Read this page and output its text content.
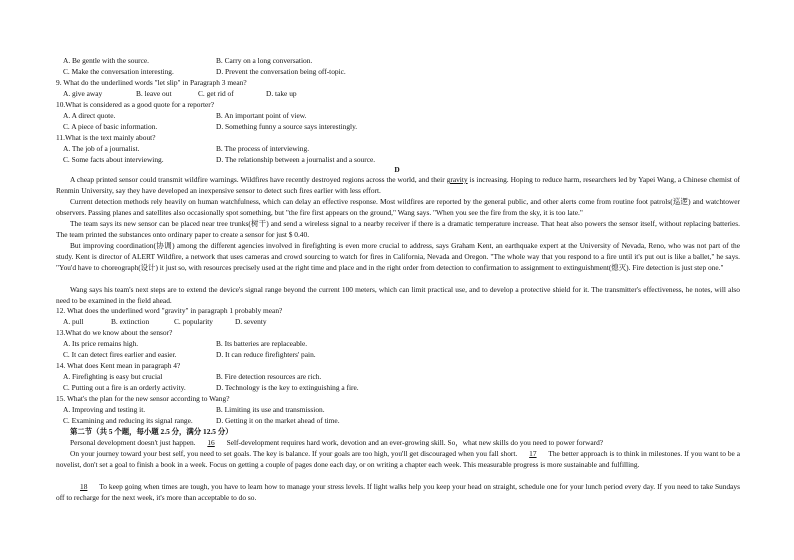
A. Be gentle with the source.	B. Carry on a long conversation.
C. Make the conversation interesting.	D. Prevent the conversation being off-topic.
9. What do the underlined words "let slip" in Paragraph 3 mean?
A. give away	B. leave out	C. get rid of	D. take up
10.What is considered as a good quote for a reporter?
A. A direct quote.	B. An important point of view.
C. A piece of basic information.	D. Something funny a source says interestingly.
11.What is the text mainly about?
A. The job of a journalist.	B. The process of interviewing.
C. Some facts about interviewing.	D. The relationship between a journalist and a source.
D
A cheap printed sensor could transmit wildfire warnings. Wildfires have recently destroyed regions across the world, and their gravity is increasing. Hoping to reduce harm, researchers led by Yapei Wang, a Chinese chemist of Renmin University, say they have developed an inexpensive sensor to detect such fires earlier with less effort.
Current detection methods rely heavily on human watchfulness, which can delay an effective response. Most wildfires are reported by the general public, and other alerts come from routine foot patrols(巡逻) and watchtower observers. Passing planes and satellites also occasionally spot something, but "the fire first appears on the ground," Wang says. "When you see the fire from the sky, it is too late."
The team says its new sensor can be placed near tree trunks(树干) and send a wireless signal to a nearby receiver if there is a dramatic temperature increase. That heat also powers the sensor itself, without replacing batteries. The team printed the substances onto ordinary paper to create a sensor for just $ 0.40.
But improving coordination(协调) among the different agencies involved in firefighting is even more crucial to address, says Graham Kent, an earthquake expert at the University of Nevada, Reno, who was not part of the study. Kent is director of ALERT Wildfire, a network that uses cameras and crowd sourcing to watch for fires in California, Nevada and Oregon. "The whole way that you respond to a fire until it's put out is like a ballet," he says. "You'd have to choreograph(设计) it just so, with resources precisely used at the right time and place and in the right order from detection to confirmation to assignment to extinguishment(熄灭). Fire detection is just step one."
Wang says his team's next steps are to extend the device's signal range beyond the current 100 meters, which can limit practical use, and to develop a protective shield for it. The transmitter's effectiveness, he notes, will also need to be examined in the field ahead.
12. What does the underlined word "gravity" in paragraph 1 probably mean?
A. pull	B. extinction	C. popularity	D. seventy
13.What do we know about the sensor?
A. Its price remains high.	B. Its batteries are replaceable.
C. It can detect fires earlier and easier.	D. It can reduce firefighters' pain.
14. What does Kent mean in paragraph 4?
A. Firefighting is easy but crucial	B. Fire detection resources are rich.
C. Putting out a fire is an orderly activity.	D. Technology is the key to extinguishing a fire.
15. What's the plan for the new sensor according to Wang?
A. Improving and testing it.	B. Limiting its use and transmission.
C. Examining and reducing its signal range.	D. Getting it on the market ahead of time.
第二节（共 5 个题，每小题 2.5 分，满分 12.5 分）
Personal development doesn't just happen. 16 Self-development requires hard work, devotion and an ever-growing skill. So，what new skills do you need to power forward?
On your journey toward your best self, you need to set goals. The key is balance. If your goals are too high, you'll get discouraged when you fall short. 17 The better approach is to think in milestones. If you want to be a novelist, don't set a goal to finish a book in a week. Focus on getting a couple of pages done each day, or on writing a chapter each week. This measurable progress is more sustainable and fulfilling.
18 To keep going when times are tough, you have to learn how to manage your stress levels. If light walks help you keep your head on straight, schedule one for your lunch period every day. If you need to take Sundays off to recharge for the next week, it's more than acceptable to do so.
